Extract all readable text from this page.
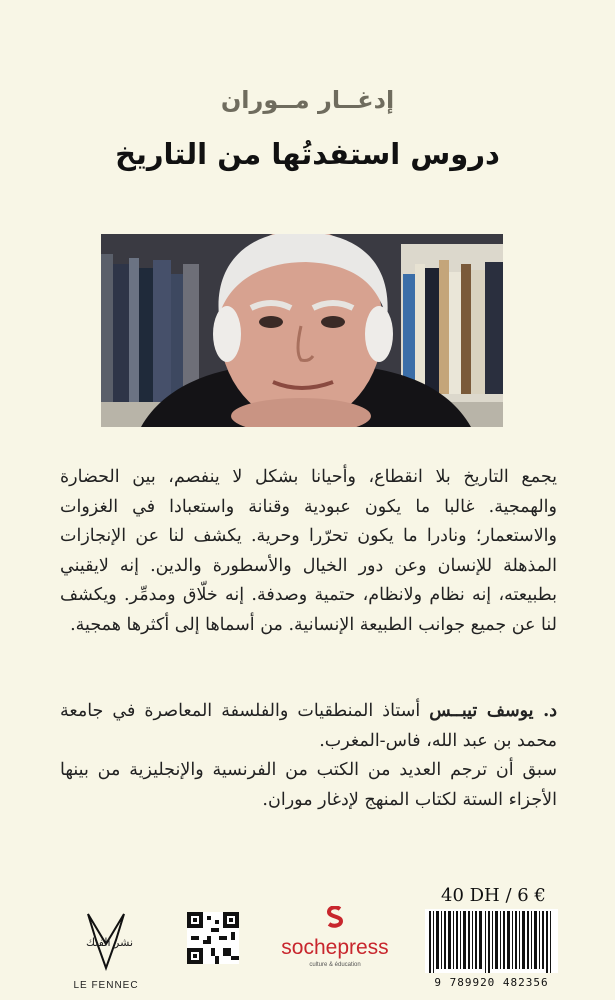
إدغــار مــوران
دروس استفدتُها من التاريخ
يجمع التاريخ بلا انقطاع، وأحيانا بشكل لا ينفصم، بين الحضارة والهمجية. غالبا ما يكون عبودية وقنانة واستعبادا في الغزوات والاستعمار؛ ونادرا ما يكون تحرّرا وحرية. يكشف لنا عن الإنجازات المذهلة للإنسان وعن دور الخيال والأسطورة والدين. إنه لايقيني بطبيعته، إنه نظام ولانظام، حتمية وصدفة. إنه خلّاق ومدمِّر. ويكشف لنا عن جميع جوانب الطبيعة الإنسانية. من أسماها إلى أكثرها همجية.
د. يوسف تيبــس أستاذ المنطقيات والفلسفة المعاصرة في جامعة محمد بن عبد الله، فاس-المغرب.
سبق أن ترجم العديد من الكتب من الفرنسية والإنجليزية من بينها الأجزاء الستة لكتاب المنهج لإدغار موران.
40 DH / 6 €
9 789920 482356
sochepress
culture & éducation
نشر الفنك
LE FENNEC
